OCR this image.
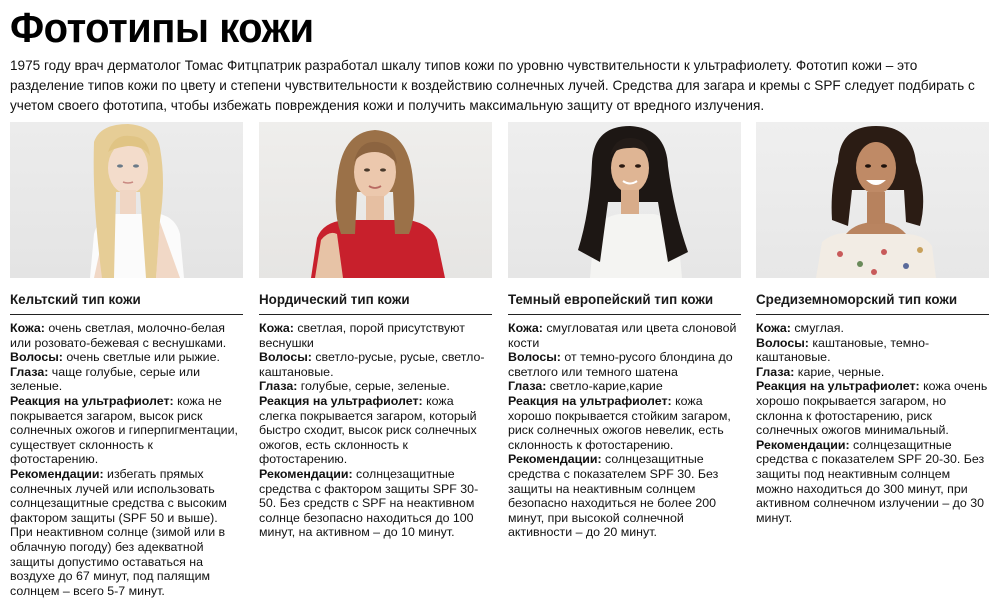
Фототипы кожи
1975 году врач дерматолог Томас Фитцпатрик разработал шкалу типов кожи по уровню чувствительности к ультрафиолету. Фототип кожи – это разделение типов кожи по цвету и степени чувствительности к воздействию солнечных лучей. Средства для загара и кремы с SPF следует подбирать с учетом своего фототипа, чтобы избежать повреждения кожи и получить максимальную защиту от вредного излучения.
Кельтский тип кожи

Кожа: очень светлая, молочно-белая или розовато-бежевая с веснушками.

Волосы: очень светлые или рыжие.

Глаза: чаще голубые, серые или зеленые.

Реакция на ультрафиолет: кожа не покрывается загаром, высок риск солнечных ожогов и гиперпигментации, существует склонность к фотостарению.

Рекомендации: избегать прямых солнечных лучей или использовать солнцезащитные средства с высоким фактором защиты (SPF 50 и выше). При неактивном солнце (зимой или в облачную погоду) без адекватной защиты допустимо оставаться на воздухе до 67 минут, под палящим солнцем – всего 5-7 минут.

Нордический тип кожи

Кожа: светлая, порой присутствуют веснушки

Волосы: светло-русые, русые, светло-каштановые.

Глаза: голубые, серые, зеленые.

Реакция на ультрафиолет: кожа слегка покрывается загаром, который быстро сходит, высок риск солнечных ожогов, есть склонность к фотостарению.

Рекомендации: солнцезащитные средства с фактором защиты SPF 30-50. Без средств с SPF на неактивном солнце безопасно находиться до 100 минут, на активном – до 10 минут.

Темный европейский тип кожи

Кожа: смугловатая или цвета слоновой кости

Волосы: от темно-русого блондина до светлого или темного шатена

Глаза: светло-карие,карие

Реакция на ультрафиолет: кожа хорошо покрывается стойким загаром, риск солнечных ожогов невелик, есть склонность к фотостарению.

Рекомендации: солнцезащитные средства с показателем SPF 30. Без защиты на неактивным солнцем безопасно находиться не более 200 минут, при высокой солнечной активности – до 20 минут.

Средиземноморский тип кожи

Кожа: смуглая.

Волосы: каштановые, темно-каштановые.

Глаза: карие, черные.

Реакция на ультрафиолет: кожа очень хорошо покрывается загаром, но склонна к фотостарению, риск солнечных ожогов минимальный.

Рекомендации: солнцезащитные средства с показателем SPF 20-30. Без защиты под неактивным солнцем можно находиться до 300 минут, при активном солнечном излучении – до 30 минут.
